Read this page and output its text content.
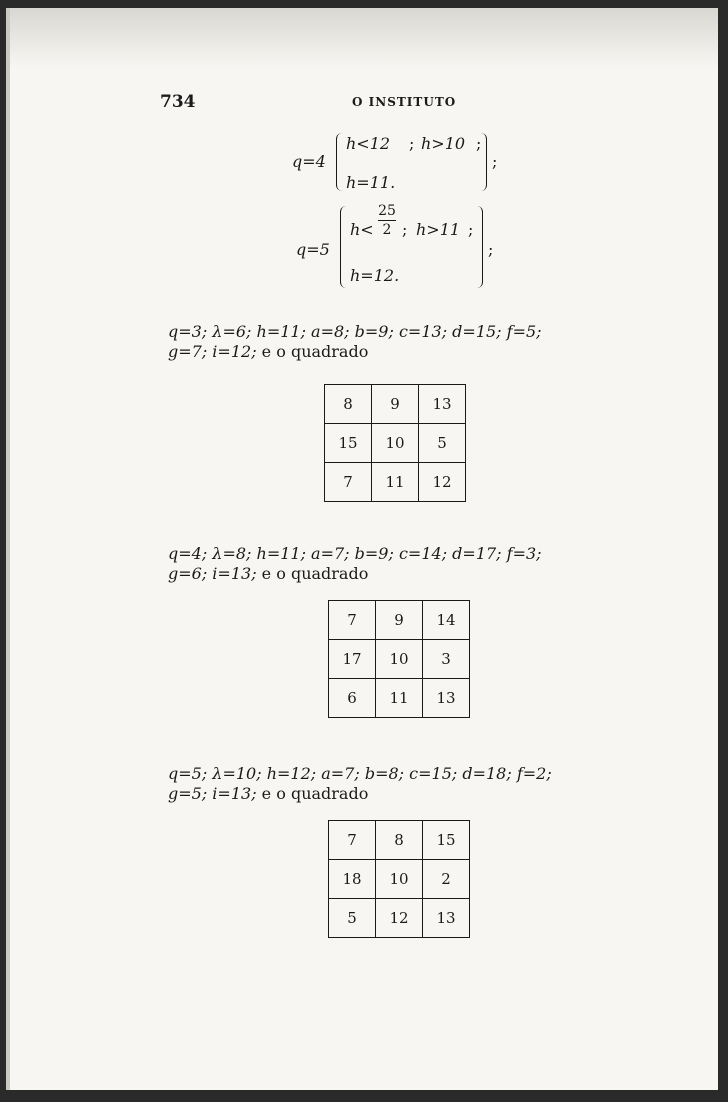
734	O INSTITUTO
q=4
h<12 ; h>10 ;
h=11.
;
q=5
h<
25
2 ; h>11 ;
h=12.
;
q=3; λ=6; h=11; a=8; b=9; c=13; d=15; f=5;
g=7; i=12; e o quadrado
8	9	13
15	10	5
7	11	12
q=4; λ=8; h=11; a=7; b=9; c=14; d=17; f=3;
g=6; i=13; e o quadrado
7	9	14
17	10	3
6	11	13
q=5; λ=10; h=12; a=7; b=8; c=15; d=18; f=2;
g=5; i=13; e o quadrado
7	8	15
18	10	2
5	12	13
